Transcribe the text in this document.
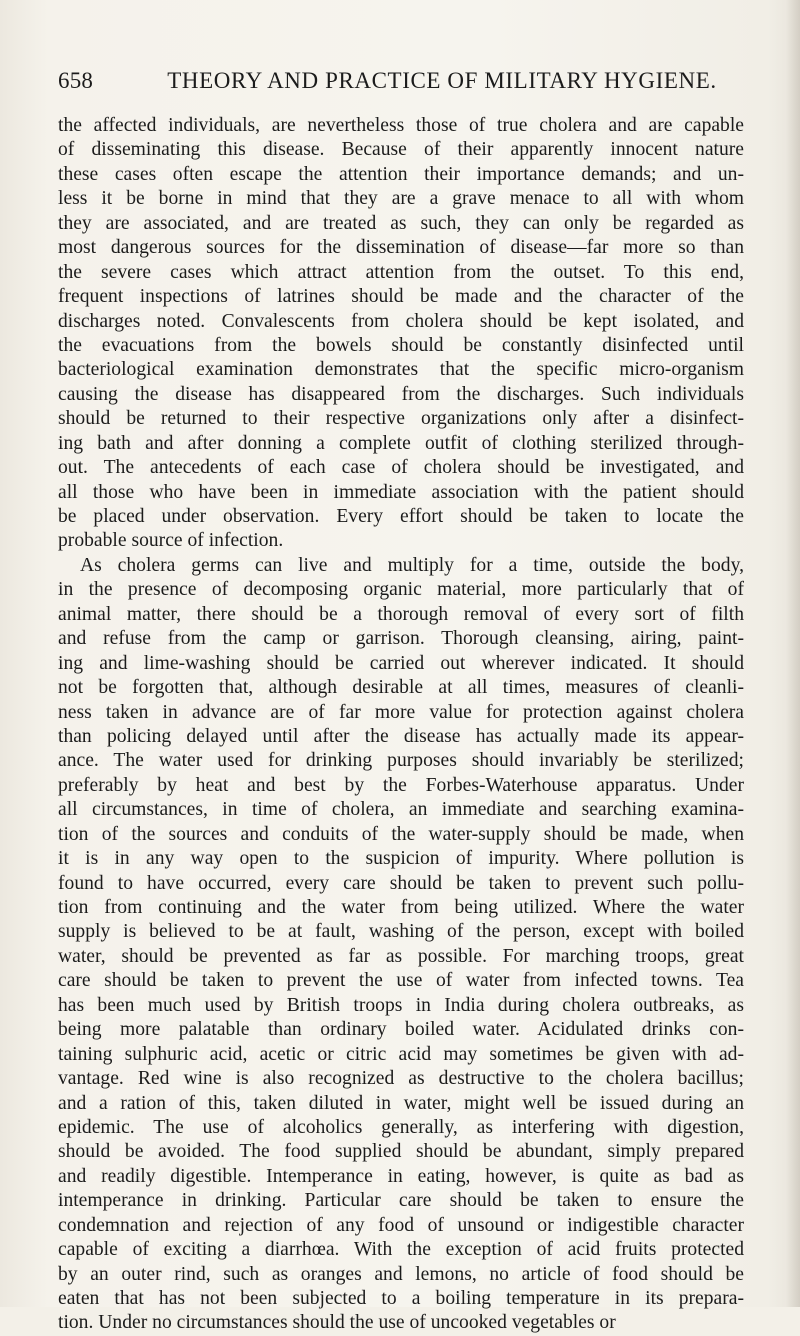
658	THEORY AND PRACTICE OF MILITARY HYGIENE.

the affected individuals, are nevertheless those of true cholera and are capable
of disseminating this disease. Because of their apparently innocent nature
these cases often escape the attention their importance demands; and un-
less it be borne in mind that they are a grave menace to all with whom
they are associated, and are treated as such, they can only be regarded as
most dangerous sources for the dissemination of disease—far more so than
the severe cases which attract attention from the outset. To this end,
frequent inspections of latrines should be made and the character of the
discharges noted. Convalescents from cholera should be kept isolated, and
the evacuations from the bowels should be constantly disinfected until
bacteriological examination demonstrates that the specific micro-organism
causing the disease has disappeared from the discharges. Such individuals
should be returned to their respective organizations only after a disinfect-
ing bath and after donning a complete outfit of clothing sterilized through-
out. The antecedents of each case of cholera should be investigated, and
all those who have been in immediate association with the patient should
be placed under observation. Every effort should be taken to locate the
probable source of infection.

As cholera germs can live and multiply for a time, outside the body,
in the presence of decomposing organic material, more particularly that of
animal matter, there should be a thorough removal of every sort of filth
and refuse from the camp or garrison. Thorough cleansing, airing, paint-
ing and lime-washing should be carried out wherever indicated. It should
not be forgotten that, although desirable at all times, measures of cleanli-
ness taken in advance are of far more value for protection against cholera
than policing delayed until after the disease has actually made its appear-
ance. The water used for drinking purposes should invariably be sterilized;
preferably by heat and best by the Forbes-Waterhouse apparatus. Under
all circumstances, in time of cholera, an immediate and searching examina-
tion of the sources and conduits of the water-supply should be made, when
it is in any way open to the suspicion of impurity. Where pollution is
found to have occurred, every care should be taken to prevent such pollu-
tion from continuing and the water from being utilized. Where the water
supply is believed to be at fault, washing of the person, except with boiled
water, should be prevented as far as possible. For marching troops, great
care should be taken to prevent the use of water from infected towns. Tea
has been much used by British troops in India during cholera outbreaks, as
being more palatable than ordinary boiled water. Acidulated drinks con-
taining sulphuric acid, acetic or citric acid may sometimes be given with ad-
vantage. Red wine is also recognized as destructive to the cholera bacillus;
and a ration of this, taken diluted in water, might well be issued during an
epidemic. The use of alcoholics generally, as interfering with digestion,
should be avoided. The food supplied should be abundant, simply prepared
and readily digestible. Intemperance in eating, however, is quite as bad as
intemperance in drinking. Particular care should be taken to ensure the
condemnation and rejection of any food of unsound or indigestible character
capable of exciting a diarrhœa. With the exception of acid fruits protected
by an outer rind, such as oranges and lemons, no article of food should be
eaten that has not been subjected to a boiling temperature in its prepara-
tion. Under no circumstances should the use of uncooked vegetables or
